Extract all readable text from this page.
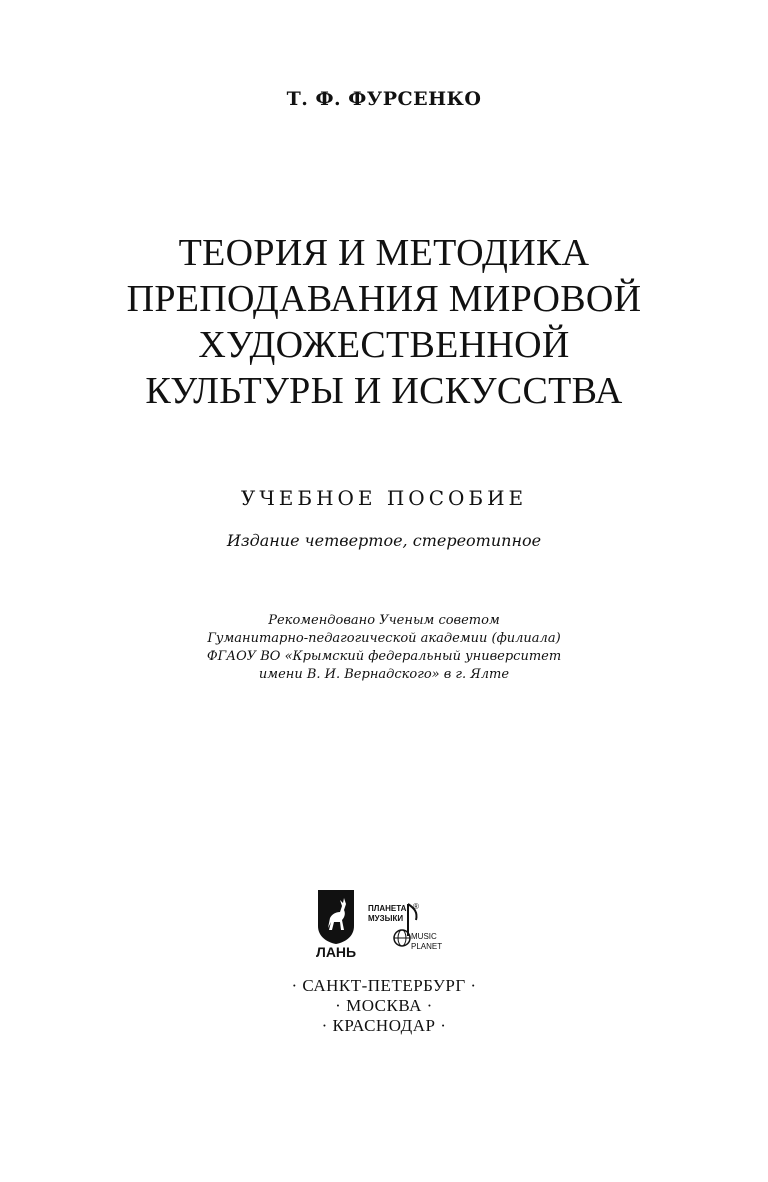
Т. Ф. ФУРСЕНКО
ТЕОРИЯ И МЕТОДИКА
ПРЕПОДАВАНИЯ МИРОВОЙ
ХУДОЖЕСТВЕННОЙ
КУЛЬТУРЫ И ИСКУССТВА
УЧЕБНОЕ ПОСОБИЕ
Издание четвертое, стереотипное
Рекомендовано Ученым советом
Гуманитарно-педагогической академии (филиала)
ФГАОУ ВО «Крымский федеральный университет
имени В. И. Вернадского» в г. Ялте
ЛАНЬ
ПЛАНЕТА
МУЗЫКИ
®
MUSIC
PLANET
· САНКТ-ПЕТЕРБУРГ ·
· МОСКВА ·
· КРАСНОДАР ·
